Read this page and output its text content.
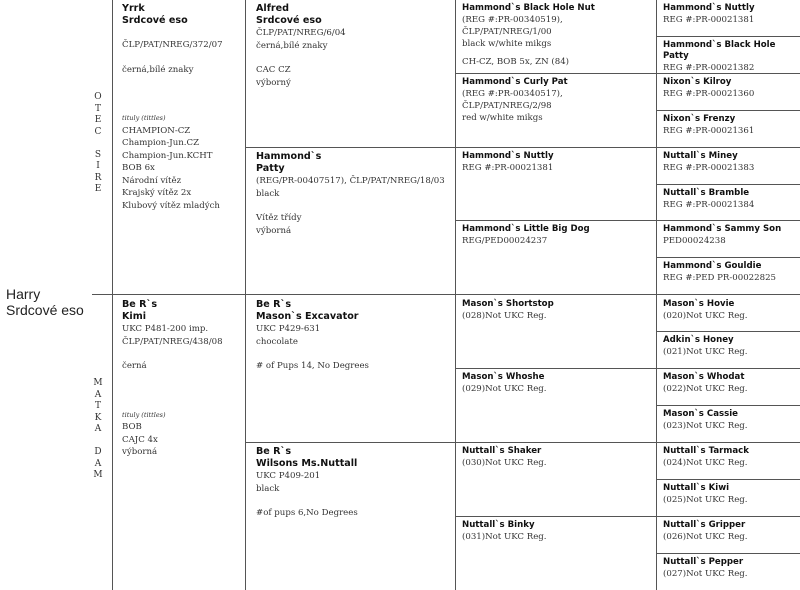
Harry
Srdcové eso
O
T
E
C
S
I
R
E
M
A
T
K
A
D
A
M
Yrrk
Srdcové eso
ČLP/PAT/NREG/372/07
černá,bílé znaky
tituly (tittles)
CHAMPION-CZ
Champion-Jun.CZ
Champion-Jun.KCHT
BOB 6x
Národní vítěz
Krajský vítěz 2x
Klubový vítěz mladých
Be R`s
Kimi
UKC P481-200 imp.
ČLP/PAT/NREG/438/08
černá
tituly (tittles)
BOB
CAJC 4x
výborná
Alfred
Srdcové eso
ČLP/PAT/NREG/6/04
černá,bílé znaky
CAC CZ
výborný
Hammond`s
Patty
(REG/PR-00407517), ČLP/PAT/NREG/18/03
black
Vítěz třídy
výborná
Be R`s
Mason`s Excavator
UKC P429-631
chocolate
# of Pups 14, No Degrees
Be R`s
Wilsons Ms.Nuttall
UKC P409-201
black
#of pups 6,No Degrees
Hammond`s Black Hole Nut
(REG #:PR-00340519), ČLP/PAT/NREG/1/00
black w/white mikgs
CH-CZ, BOB 5x, ZN (84)
Hammond`s Curly Pat
(REG #:PR-00340517), ČLP/PAT/NREG/2/98
red w/white mikgs
Hammond`s Nuttly
REG #:PR-00021381
Hammond`s Little Big Dog
REG/PED00024237
Mason`s Shortstop
(028)Not UKC Reg.
Mason`s Whoshe
(029)Not UKC Reg.
Nuttall`s Shaker
(030)Not UKC Reg.
Nuttall`s Binky
(031)Not UKC Reg.
Hammond`s Nuttly
REG #:PR-00021381
Hammond`s Black Hole Patty
REG #:PR-00021382
Nixon`s Kilroy
REG #:PR-00021360
Nixon`s Frenzy
REG #:PR-00021361
Nuttall`s Miney
REG #:PR-00021383
Nuttall`s Bramble
REG #:PR-00021384
Hammond`s Sammy Son
PED00024238
Hammond`s Gouldie
REG #:PED PR-00022825
Mason`s Hovie
(020)Not UKC Reg.
Adkin`s Honey
(021)Not UKC Reg.
Mason`s Whodat
(022)Not UKC Reg.
Mason`s Cassie
(023)Not UKC Reg.
Nuttall`s Tarmack
(024)Not UKC Reg.
Nuttall`s Kiwi
(025)Not UKC Reg.
Nuttall`s Gripper
(026)Not UKC Reg.
Nuttall`s Pepper
(027)Not UKC Reg.
